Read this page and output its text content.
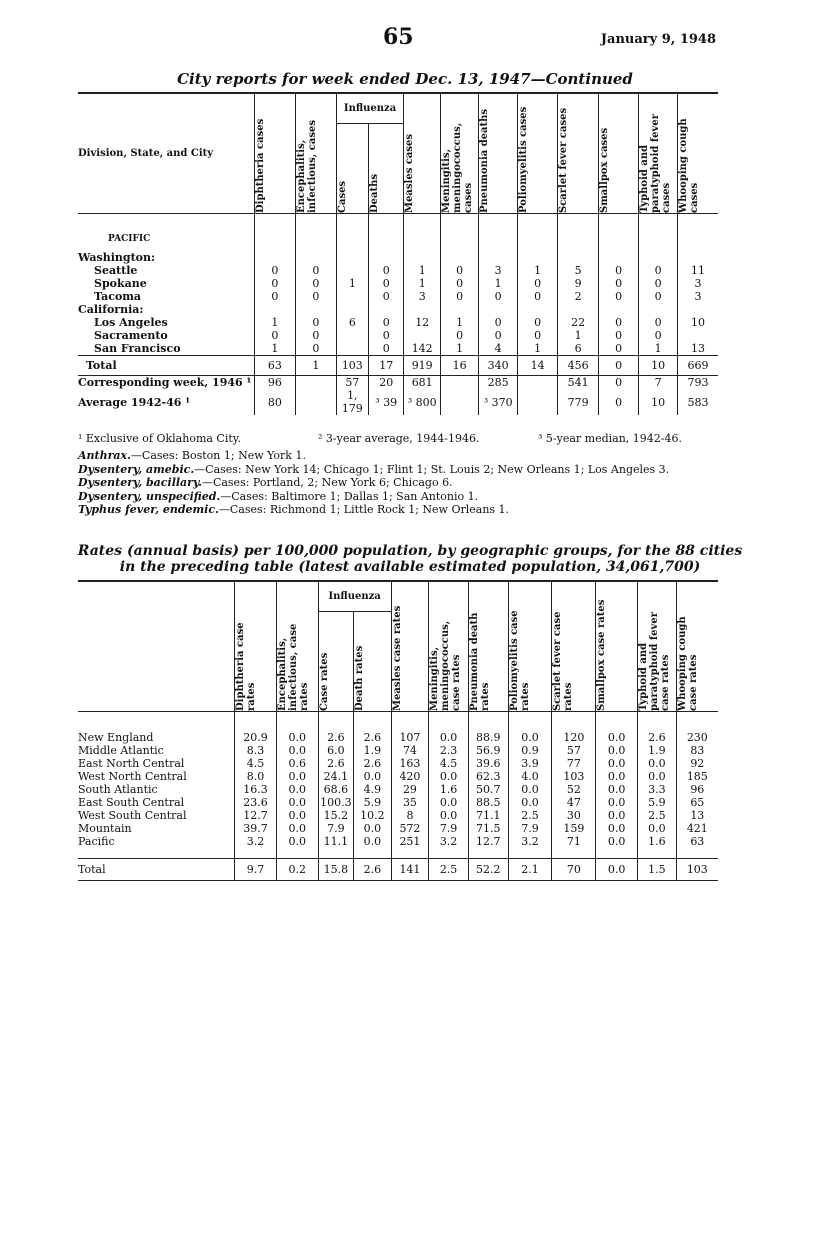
65	January 9, 1948
City reports for week ended Dec. 13, 1947—Continued
Division, State, and City	Diphtheria cases	Encephalitis, infectious, cases	Influenza		Measles cases	Meningitis, meningococcus, cases	Pneumonia deaths	Poliomyelitis cases	Scarlet fever cases	Smallpox cases	Typhoid and paratyphoid fever cases	Whooping cough cases

			Cases	Deaths								

PACIFIC												
Washington:												
Seattle	0	0		0	1	0	3	1	5	0	0	11
Spokane	0	0	1	0	1	0	1	0	9	0	0	3
Tacoma	0	0		0	3	0	0	0	2	0	0	3
California:												
Los Angeles	1	0	6	0	12	1	0	0	22	0	0	10
Sacramento	0	0		0		0	0	0	1	0	0	
San Francisco	1	0		0	142	1	4	1	6	0	1	13
Total	63	1	103	17	919	16	340	14	456	0	10	669
Corresponding week, 1946 ¹	96		57	20	681		285		541	0	7	793
Average 1942-46 ¹	80		1, 179	³ 39	³ 800		³ 370		779	0	10	583
¹ Exclusive of Oklahoma City.	² 3-year average, 1944-1946.	³ 5-year median, 1942-46.
Anthrax.—Cases: Boston 1; New York 1.
Dysentery, amebic.—Cases: New York 14; Chicago 1; Flint 1; St. Louis 2; New Orleans 1; Los Angeles 3.
Dysentery, bacillary.—Cases: Portland, 2; New York 6; Chicago 6.
Dysentery, unspecified.—Cases: Baltimore 1; Dallas 1; San Antonio 1.
Typhus fever, endemic.—Cases: Richmond 1; Little Rock 1; New Orleans 1.
Rates (annual basis) per 100,000 population, by geographic groups, for the 88 cities
in the preceding table (latest available estimated population, 34,061,700)

	Diphtheria case rates	Encephalitis, infectious, case rates	Influenza		Measles case rates	Meningitis, meningococcus, case rates	Pneumonia death rates	Poliomyelitis case rates	Scarlet fever case rates	Smallpox case rates	Typhoid and paratyphoid fever case rates	Whooping cough case rates

			Case rates	Death rates								

New England	20.9	0.0	2.6	2.6	107	0.0	88.9	0.0	120	0.0	2.6	230
Middle Atlantic	8.3	0.0	6.0	1.9	74	2.3	56.9	0.9	57	0.0	1.9	83
East North Central	4.5	0.6	2.6	2.6	163	4.5	39.6	3.9	77	0.0	0.0	92
West North Central	8.0	0.0	24.1	0.0	420	0.0	62.3	4.0	103	0.0	0.0	185
South Atlantic	16.3	0.0	68.6	4.9	29	1.6	50.7	0.0	52	0.0	3.3	96
East South Central	23.6	0.0	100.3	5.9	35	0.0	88.5	0.0	47	0.0	5.9	65
West South Central	12.7	0.0	15.2	10.2	8	0.0	71.1	2.5	30	0.0	2.5	13
Mountain	39.7	0.0	7.9	0.0	572	7.9	71.5	7.9	159	0.0	0.0	421
Pacific	3.2	0.0	11.1	0.0	251	3.2	12.7	3.2	71	0.0	1.6	63

Total	9.7	0.2	15.8	2.6	141	2.5	52.2	2.1	70	0.0	1.5	103
